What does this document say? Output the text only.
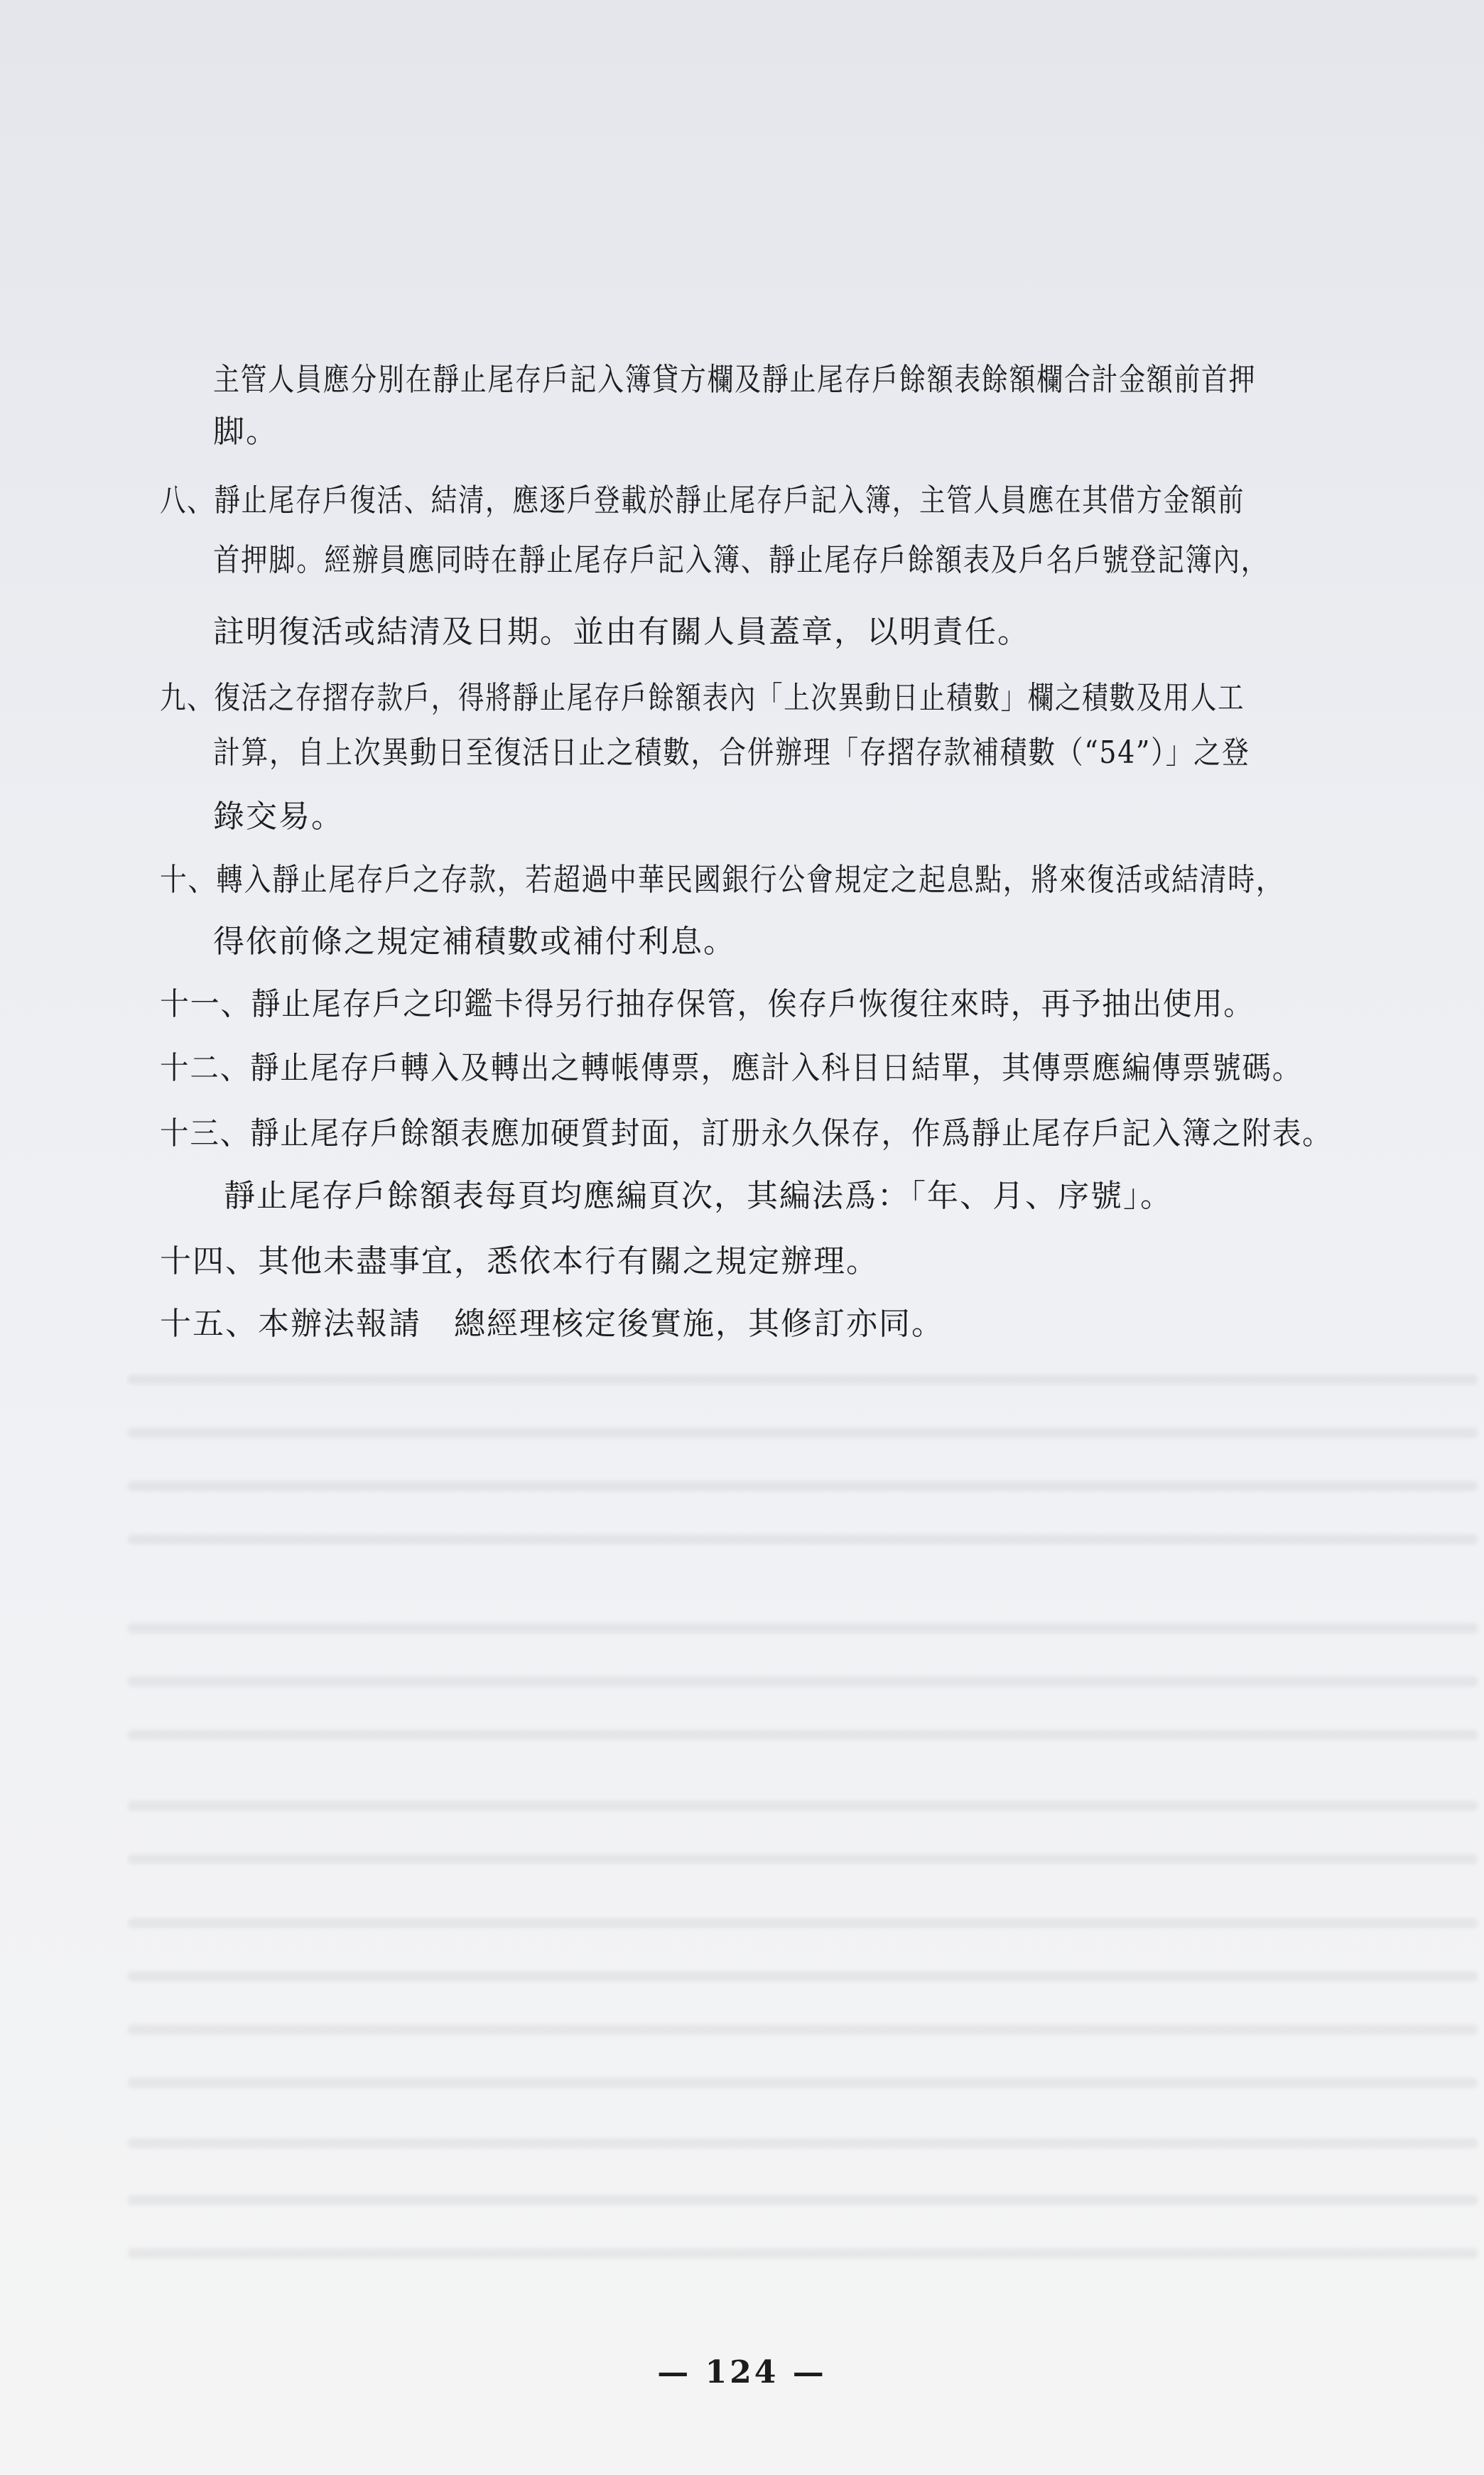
主管人員應分別在靜止尾存戶記入簿貸方欄及靜止尾存戶餘額表餘額欄合計金額前首押
脚。
八、靜止尾存戶復活、結清，應逐戶登載於靜止尾存戶記入簿，主管人員應在其借方金額前
首押脚。經辦員應同時在靜止尾存戶記入簿、靜止尾存戶餘額表及戶名戶號登記簿內，
註明復活或結清及日期。並由有關人員蓋章，以明責任。
九、復活之存摺存款戶，得將靜止尾存戶餘額表內「上次異動日止積數」欄之積數及用人工
計算，自上次異動日至復活日止之積數，合併辦理「存摺存款補積數（“54”）」之登
錄交易。
十、轉入靜止尾存戶之存款，若超過中華民國銀行公會規定之起息點，將來復活或結清時，
得依前條之規定補積數或補付利息。
十一、靜止尾存戶之印鑑卡得另行抽存保管，俟存戶恢復往來時，再予抽出使用。
十二、靜止尾存戶轉入及轉出之轉帳傳票，應計入科目日結單，其傳票應編傳票號碼。
十三、靜止尾存戶餘額表應加硬質封面，訂册永久保存，作爲靜止尾存戶記入簿之附表。
靜止尾存戶餘額表每頁均應編頁次，其編法爲：「年、月、序號」。
十四、其他未盡事宜，悉依本行有關之規定辦理。
十五、本辦法報請　總經理核定後實施，其修訂亦同。
— 124 —
